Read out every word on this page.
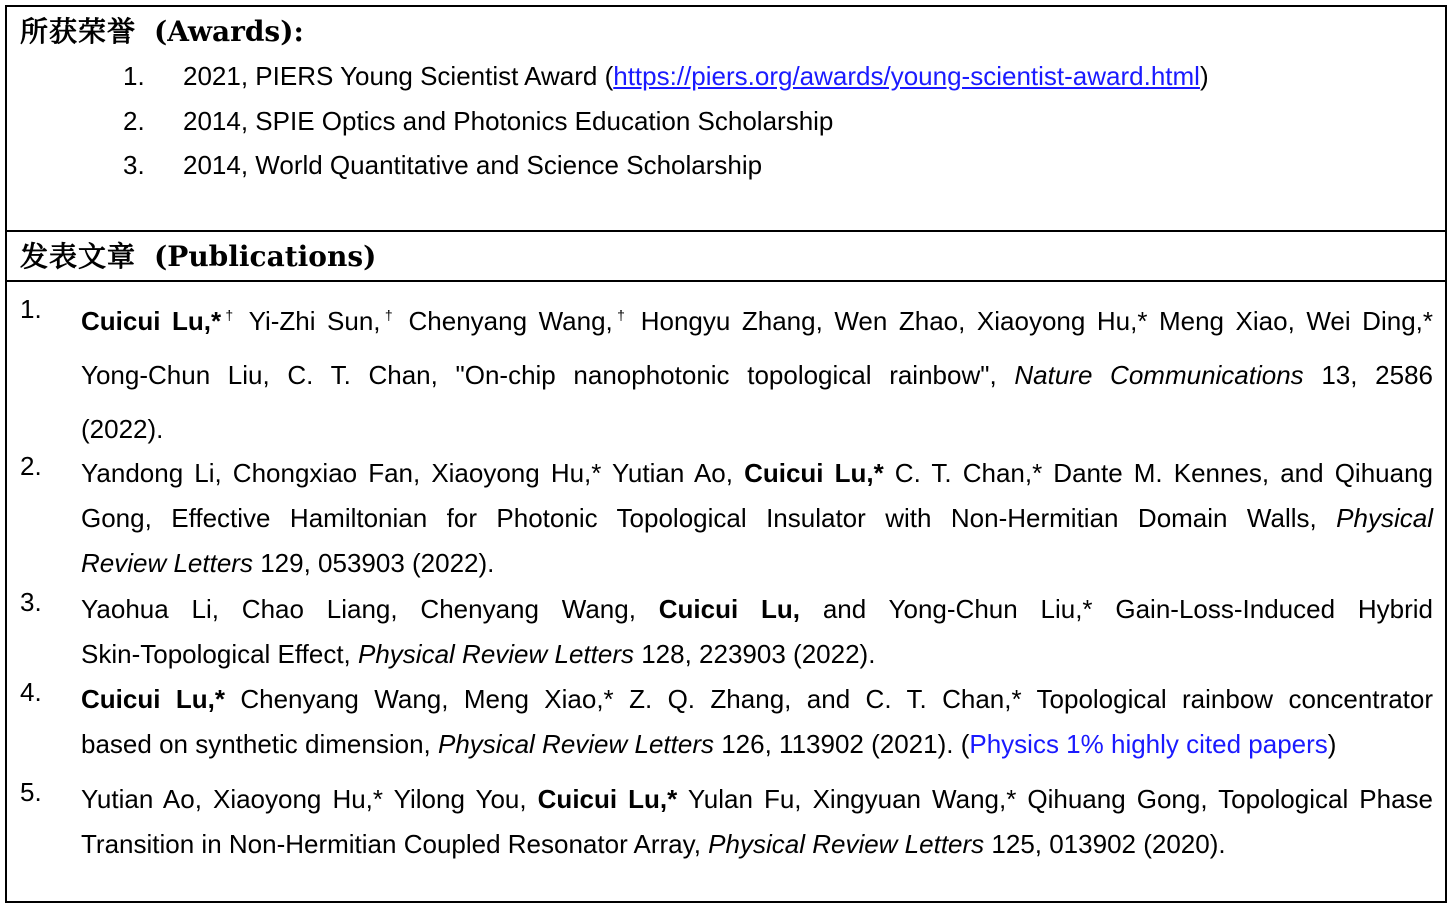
所获荣誉 (Awards):
1. 2021, PIERS Young Scientist Award (https://piers.org/awards/young-scientist-award.html)
2. 2014, SPIE Optics and Photonics Education Scholarship
3. 2014, World Quantitative and Science Scholarship
发表文章 (Publications)
1. Cuicui Lu,*† Yi-Zhi Sun,† Chenyang Wang,† Hongyu Zhang, Wen Zhao, Xiaoyong Hu,* Meng Xiao, Wei Ding,*
Yong-Chun Liu, C. T. Chan, "On-chip nanophotonic topological rainbow", Nature Communications 13, 2586
(2022).
2. Yandong Li, Chongxiao Fan, Xiaoyong Hu,* Yutian Ao, Cuicui Lu,* C. T. Chan,* Dante M. Kennes, and Qihuang
Gong, Effective Hamiltonian for Photonic Topological Insulator with Non-Hermitian Domain Walls, Physical
Review Letters 129, 053903 (2022).
3. Yaohua Li, Chao Liang, Chenyang Wang, Cuicui Lu, and Yong-Chun Liu,* Gain-Loss-Induced Hybrid
Skin-Topological Effect, Physical Review Letters 128, 223903 (2022).
4. Cuicui Lu,* Chenyang Wang, Meng Xiao,* Z. Q. Zhang, and C. T. Chan,* Topological rainbow concentrator
based on synthetic dimension, Physical Review Letters 126, 113902 (2021). (Physics 1% highly cited papers)
5. Yutian Ao, Xiaoyong Hu,* Yilong You, Cuicui Lu,* Yulan Fu, Xingyuan Wang,* Qihuang Gong, Topological Phase
Transition in Non-Hermitian Coupled Resonator Array, Physical Review Letters 125, 013902 (2020).
